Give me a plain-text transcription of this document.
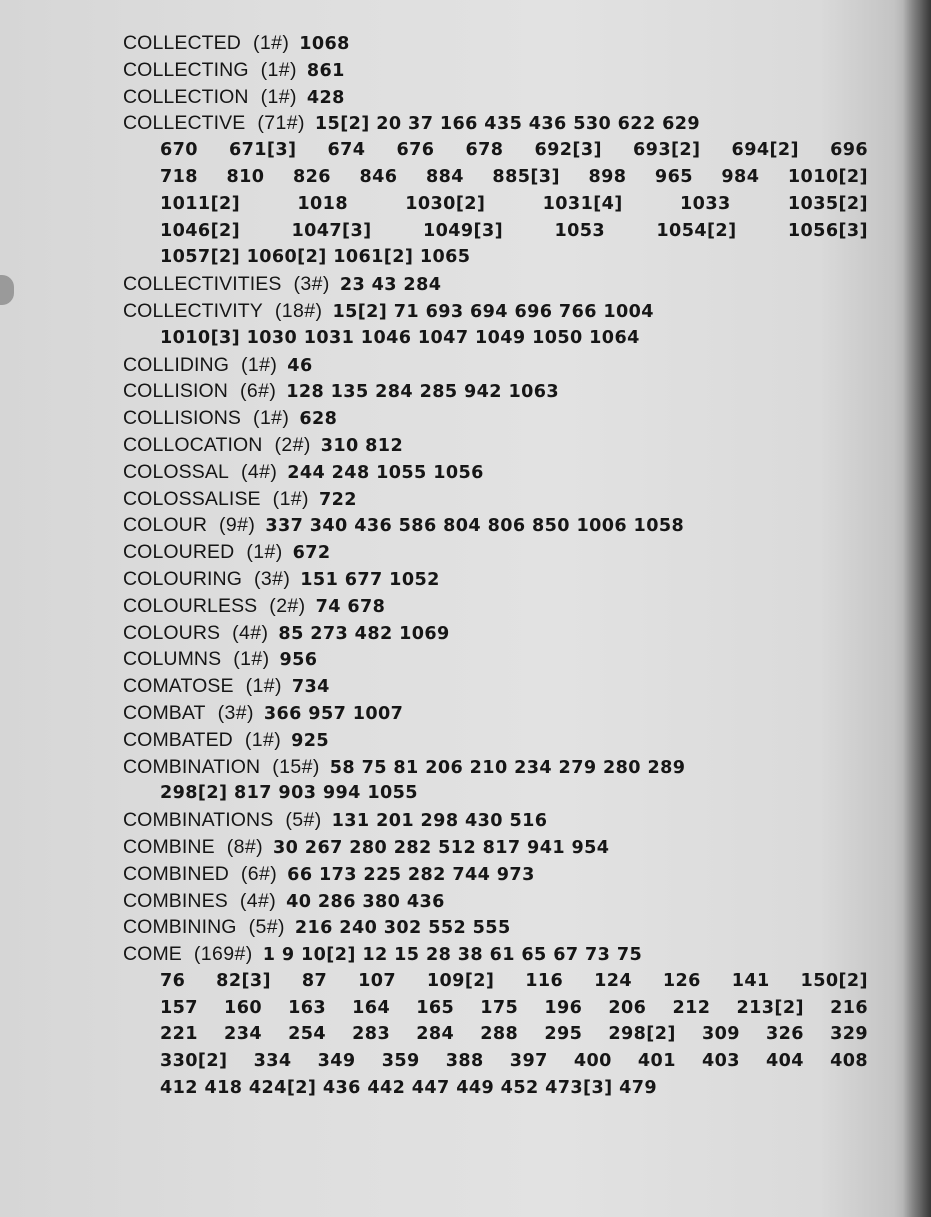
COLLECTED (1#) 1068
COLLECTING (1#) 861
COLLECTION (1#) 428
COLLECTIVE (71#) 15[2] 20 37 166 435 436 530 622 629
670 671[3] 674 676 678 692[3] 693[2] 694[2] 696
718 810 826 846 884 885[3] 898 965 984 1010[2]
1011[2] 1018 1030[2] 1031[4] 1033 1035[2]
1046[2] 1047[3] 1049[3] 1053 1054[2] 1056[3]
1057[2] 1060[2] 1061[2] 1065
COLLECTIVITIES (3#) 23 43 284
COLLECTIVITY (18#) 15[2] 71 693 694 696 766 1004
1010[3] 1030 1031 1046 1047 1049 1050 1064
COLLIDING (1#) 46
COLLISION (6#) 128 135 284 285 942 1063
COLLISIONS (1#) 628
COLLOCATION (2#) 310 812
COLOSSAL (4#) 244 248 1055 1056
COLOSSALISE (1#) 722
COLOUR (9#) 337 340 436 586 804 806 850 1006 1058
COLOURED (1#) 672
COLOURING (3#) 151 677 1052
COLOURLESS (2#) 74 678
COLOURS (4#) 85 273 482 1069
COLUMNS (1#) 956
COMATOSE (1#) 734
COMBAT (3#) 366 957 1007
COMBATED (1#) 925
COMBINATION (15#) 58 75 81 206 210 234 279 280 289
298[2] 817 903 994 1055
COMBINATIONS (5#) 131 201 298 430 516
COMBINE (8#) 30 267 280 282 512 817 941 954
COMBINED (6#) 66 173 225 282 744 973
COMBINES (4#) 40 286 380 436
COMBINING (5#) 216 240 302 552 555
COME (169#) 1 9 10[2] 12 15 28 38 61 65 67 73 75
76 82[3] 87 107 109[2] 116 124 126 141 150[2]
157 160 163 164 165 175 196 206 212 213[2] 216
221 234 254 283 284 288 295 298[2] 309 326 329
330[2] 334 349 359 388 397 400 401 403 404 408
412 418 424[2] 436 442 447 449 452 473[3] 479
